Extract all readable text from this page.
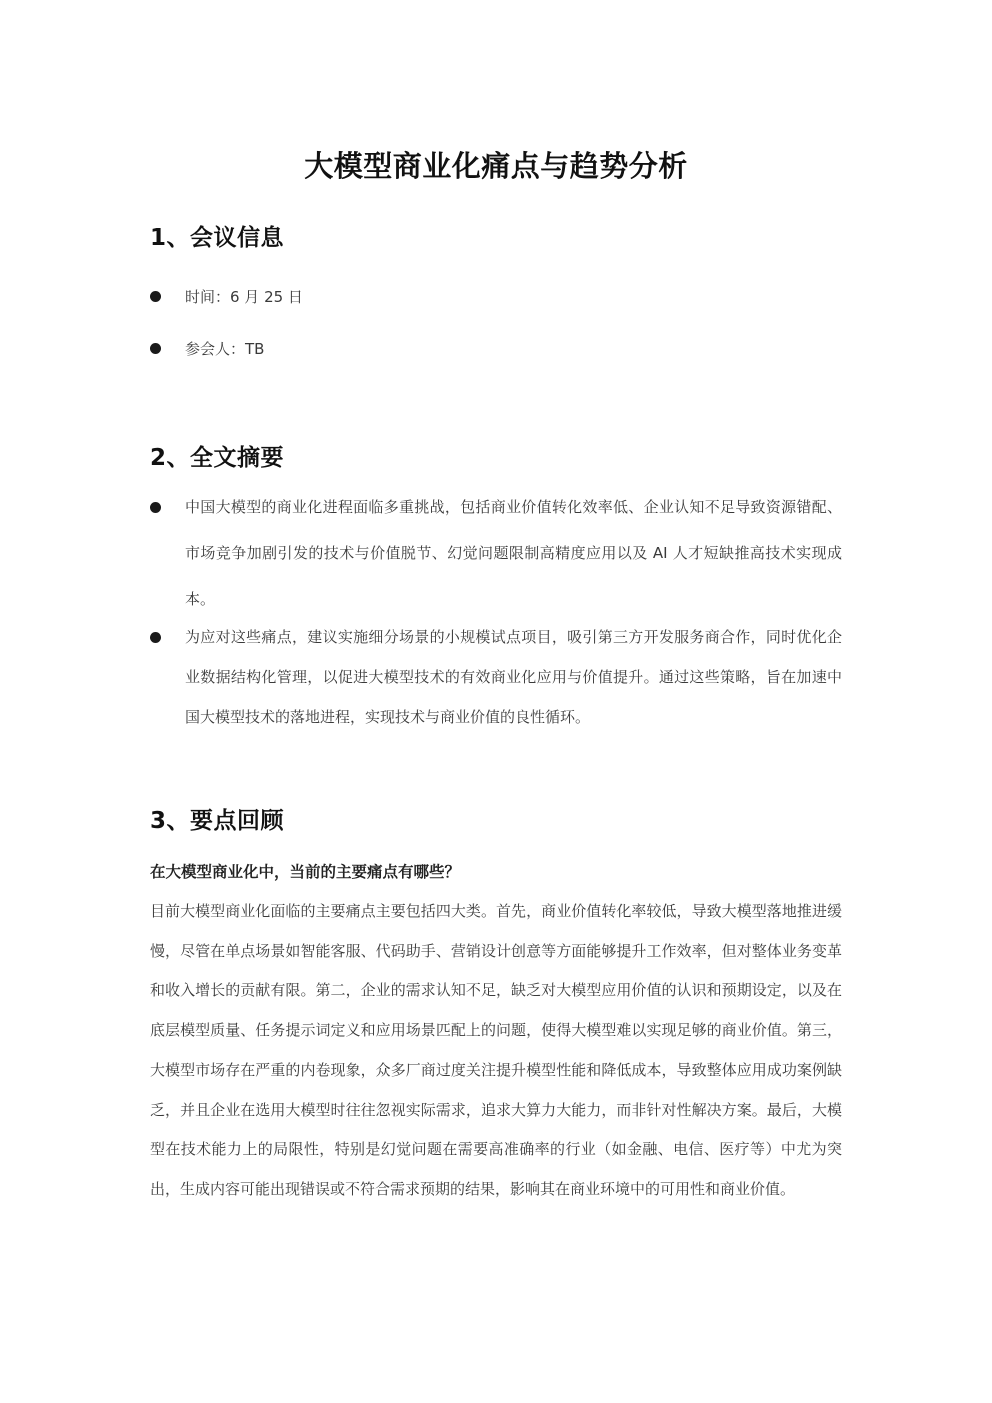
大模型商业化痛点与趋势分析
1、会议信息
时间：6 月 25 日
参会人：TB
2、全文摘要
中国大模型的商业化进程面临多重挑战，包括商业价值转化效率低、企业认知不足导致资源错配、市场竞争加剧引发的技术与价值脱节、幻觉问题限制高精度应用以及 AI 人才短缺推高技术实现成本。
为应对这些痛点，建议实施细分场景的小规模试点项目，吸引第三方开发服务商合作，同时优化企业数据结构化管理，以促进大模型技术的有效商业化应用与价值提升。通过这些策略，旨在加速中国大模型技术的落地进程，实现技术与商业价值的良性循环。
3、要点回顾
在大模型商业化中，当前的主要痛点有哪些？
目前大模型商业化面临的主要痛点主要包括四大类。首先，商业价值转化率较低，导致大模型落地推进缓慢，尽管在单点场景如智能客服、代码助手、营销设计创意等方面能够提升工作效率，但对整体业务变革和收入增长的贡献有限。第二，企业的需求认知不足，缺乏对大模型应用价值的认识和预期设定，以及在底层模型质量、任务提示词定义和应用场景匹配上的问题，使得大模型难以实现足够的商业价值。第三，大模型市场存在严重的内卷现象，众多厂商过度关注提升模型性能和降低成本，导致整体应用成功案例缺乏，并且企业在选用大模型时往往忽视实际需求，追求大算力大能力，而非针对性解决方案。最后，大模型在技术能力上的局限性，特别是幻觉问题在需要高准确率的行业（如金融、电信、医疗等）中尤为突出，生成内容可能出现错误或不符合需求预期的结果，影响其在商业环境中的可用性和商业价值。
